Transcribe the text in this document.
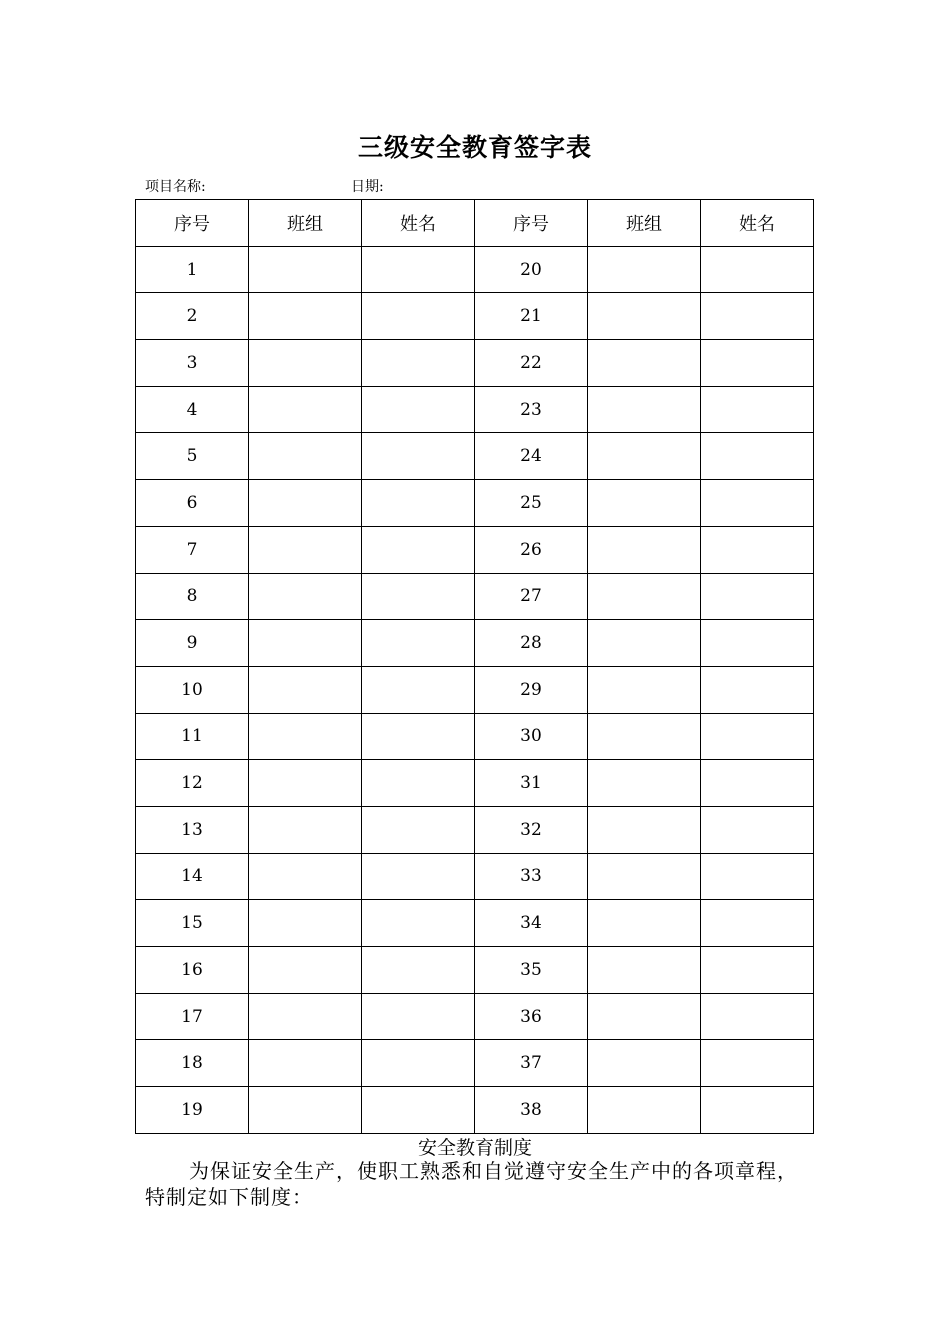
三级安全教育签字表
项目名称:	日期:
序号	班组	姓名	序号	班组	姓名
1			20		
2			21		
3			22		
4			23		
5			24		
6			25		
7			26		
8			27		
9			28		
10			29		
11			30		
12			31		
13			32		
14			33		
15			34		
16			35		
17			36		
18			37		
19			38		
安全教育制度
为保证安全生产，使职工熟悉和自觉遵守安全生产中的各项章程，特制定如下制度：
